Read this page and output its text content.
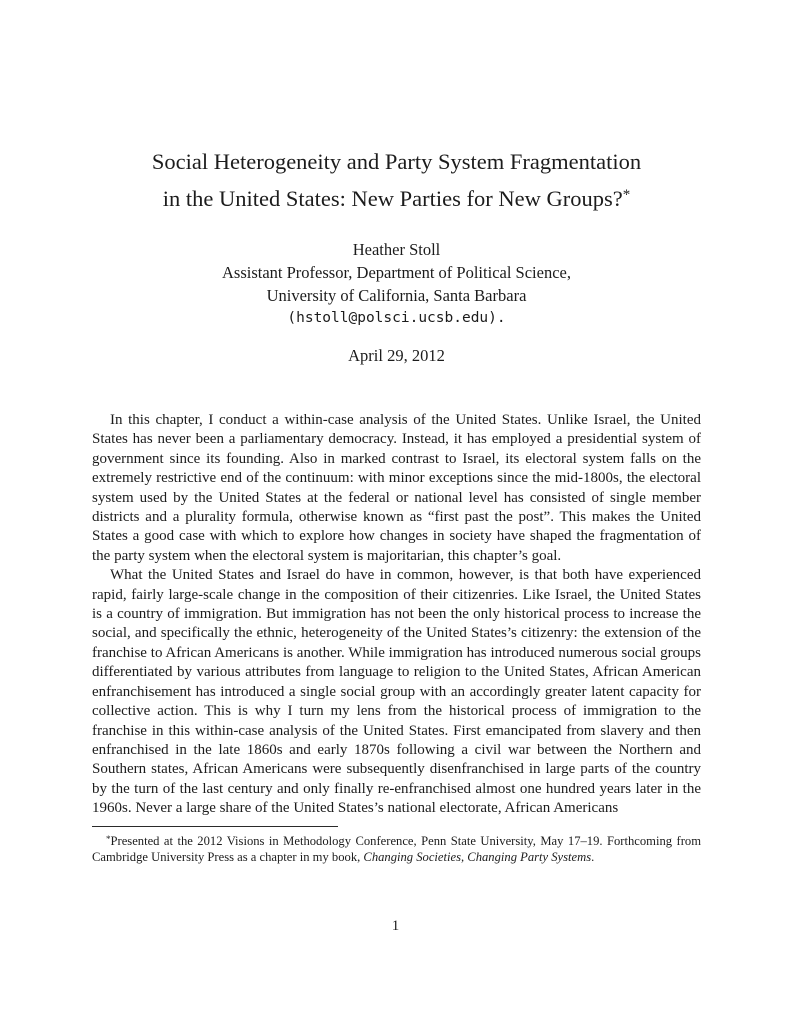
Social Heterogeneity and Party System Fragmentation
in the United States: New Parties for New Groups?*
Heather Stoll
Assistant Professor, Department of Political Science,
University of California, Santa Barbara
(hstoll@polsci.ucsb.edu).
April 29, 2012

In this chapter, I conduct a within-case analysis of the United States. Unlike Israel, the United States has never been a parliamentary democracy. Instead, it has employed a presidential system of government since its founding. Also in marked contrast to Israel, its electoral system falls on the extremely restrictive end of the continuum: with minor exceptions since the mid-1800s, the electoral system used by the United States at the federal or national level has consisted of single member districts and a plurality formula, otherwise known as “first past the post”. This makes the United States a good case with which to explore how changes in society have shaped the fragmentation of the party system when the electoral system is majoritarian, this chapter’s goal.

What the United States and Israel do have in common, however, is that both have experienced rapid, fairly large-scale change in the composition of their citizenries. Like Israel, the United States is a country of immigration. But immigration has not been the only historical process to increase the social, and specifically the ethnic, heterogeneity of the United States’s citizenry: the extension of the franchise to African Americans is another. While immigration has introduced numerous social groups differentiated by various attributes from language to religion to the United States, African American enfranchisement has introduced a single social group with an accordingly greater latent capacity for collective action. This is why I turn my lens from the historical process of immigration to the franchise in this within-case analysis of the United States. First emancipated from slavery and then enfranchised in the late 1860s and early 1870s following a civil war between the Northern and Southern states, African Americans were subsequently disenfranchised in large parts of the country by the turn of the last century and only finally re-enfranchised almost one hundred years later in the 1960s. Never a large share of the United States’s national electorate, African Americans

*Presented at the 2012 Visions in Methodology Conference, Penn State University, May 17–19. Forthcoming from Cambridge University Press as a chapter in my book, Changing Societies, Changing Party Systems.
1
